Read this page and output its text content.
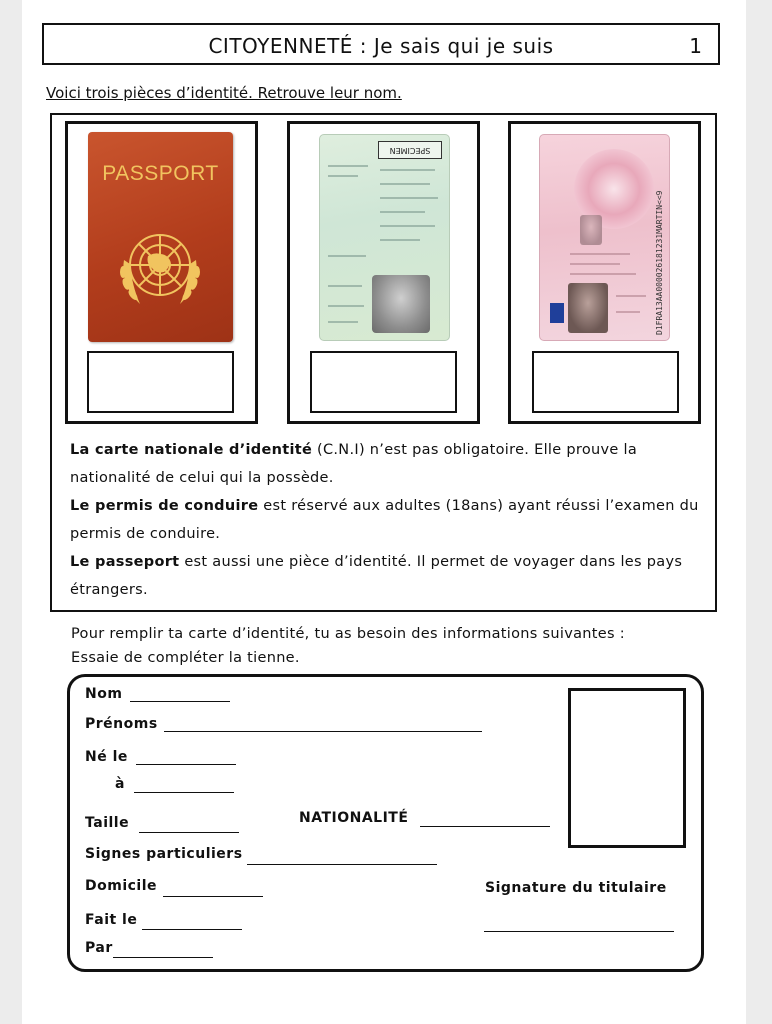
CITOYENNETÉ : Je sais qui je suis	1
Voici trois pièces d’identité. Retrouve leur nom.
PASSPORT
SPECIMEN
D1FRA13AA000026181231MARTIN<<9
La carte nationale d’identité (C.N.I) n’est pas obligatoire. Elle prouve la nationalité de celui qui la possède.
Le permis de conduire est réservé aux adultes (18ans) ayant réussi l’examen du permis de conduire.
Le passeport est aussi une pièce d’identité. Il permet de voyager dans les pays étrangers.
Pour remplir ta carte d’identité, tu as besoin des informations suivantes :
Essaie de compléter la tienne.
Nom
Prénoms
Né le
à
Taille	NATIONALITÉ
Signes particuliers
Domicile	Signature du titulaire
Fait le
Par
